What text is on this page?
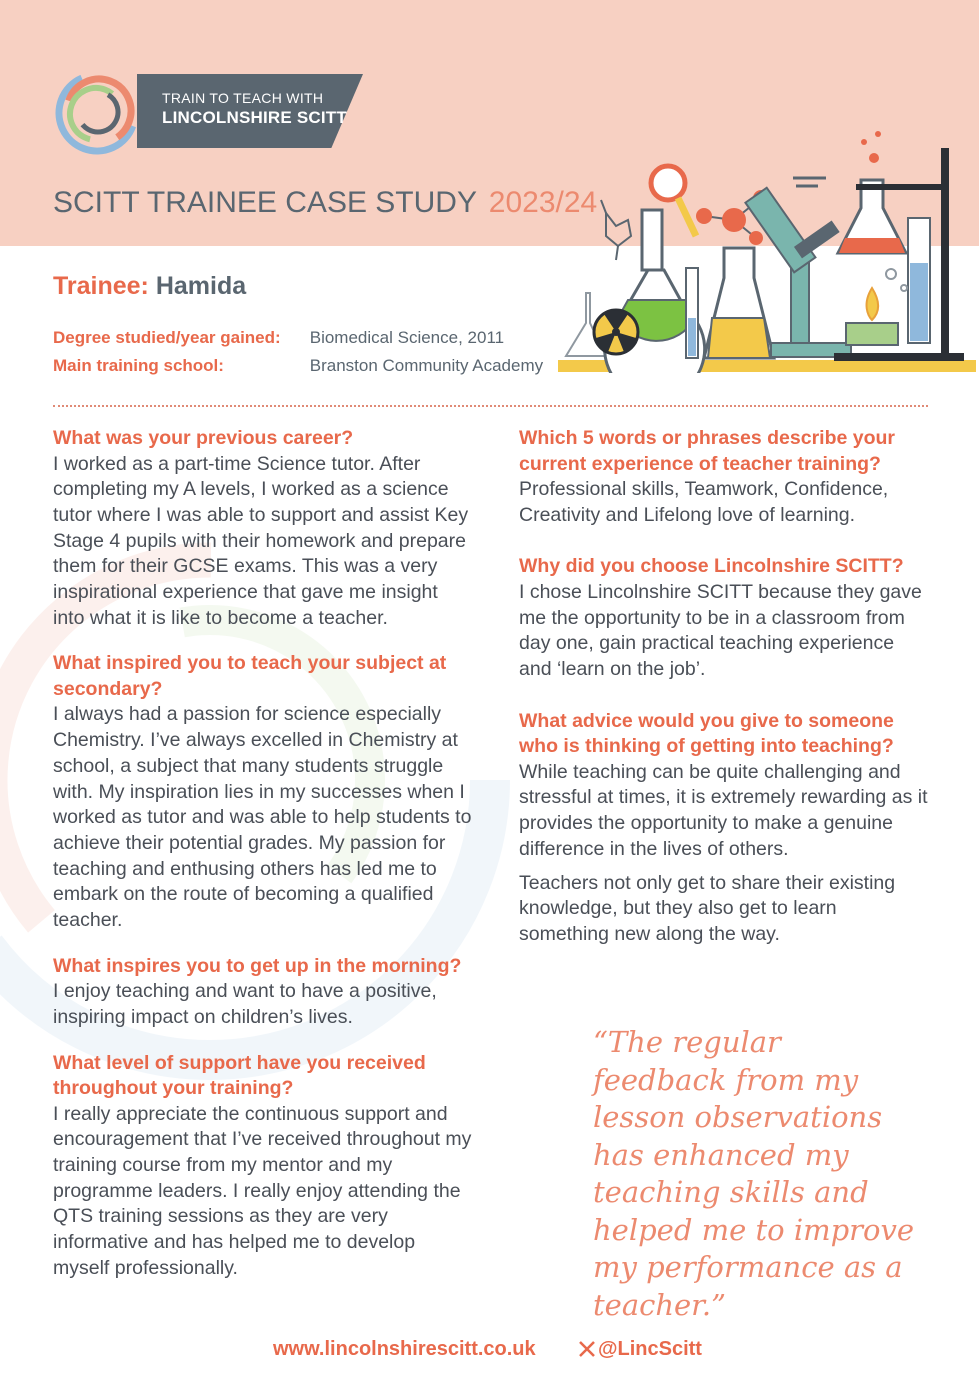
TRAIN TO TEACH WITH
LINCOLNSHIRE SCITT
SCITT TRAINEE CASE STUDY 2023/24
Trainee: Hamida
Degree studied/year gained: Biomedical Science, 2011
Main training school:	Branston Community Academy

What was your previous career?

I worked as a part-time Science tutor. After completing my A levels, I worked as a science tutor where I was able to support and assist Key Stage 4 pupils with their homework and prepare them for their GCSE exams. This was a very inspirational experience that gave me insight into what it is like to become a teacher.

What inspired you to teach your subject at secondary?

I always had a passion for science especially Chemistry. I’ve always excelled in Chemistry at school, a subject that many students struggle with. My inspiration lies in my successes when I worked as tutor and was able to help students to achieve their potential grades. My passion for teaching and enthusing others has led me to embark on the route of becoming a qualified teacher.

What inspires you to get up in the morning?

I enjoy teaching and want to have a positive, inspiring impact on children’s lives.

What level of support have you received throughout your training?

I really appreciate the continuous support and encouragement that I’ve received throughout my training course from my mentor and my programme leaders. I really enjoy attending the QTS training sessions as they are very informative and has helped me to develop myself professionally.

Which 5 words or phrases describe your current experience of teacher training?

Professional skills, Teamwork, Confidence, Creativity and Lifelong love of learning.

Why did you choose Lincolnshire SCITT?

I chose Lincolnshire SCITT because they gave me the opportunity to be in a classroom from day one, gain practical teaching experience and ‘learn on the job’.

What advice would you give to someone who is thinking of getting into teaching?

While teaching can be quite challenging and stressful at times, it is extremely rewarding as it provides the opportunity to make a genuine difference in the lives of others.

Teachers not only get to share their existing knowledge, but they also get to learn something new along the way.

“The regular feedback from my lesson observations has enhanced my teaching skills and helped me to improve my performance as a teacher.”
www.lincolnshirescitt.co.uk	@LincScitt
